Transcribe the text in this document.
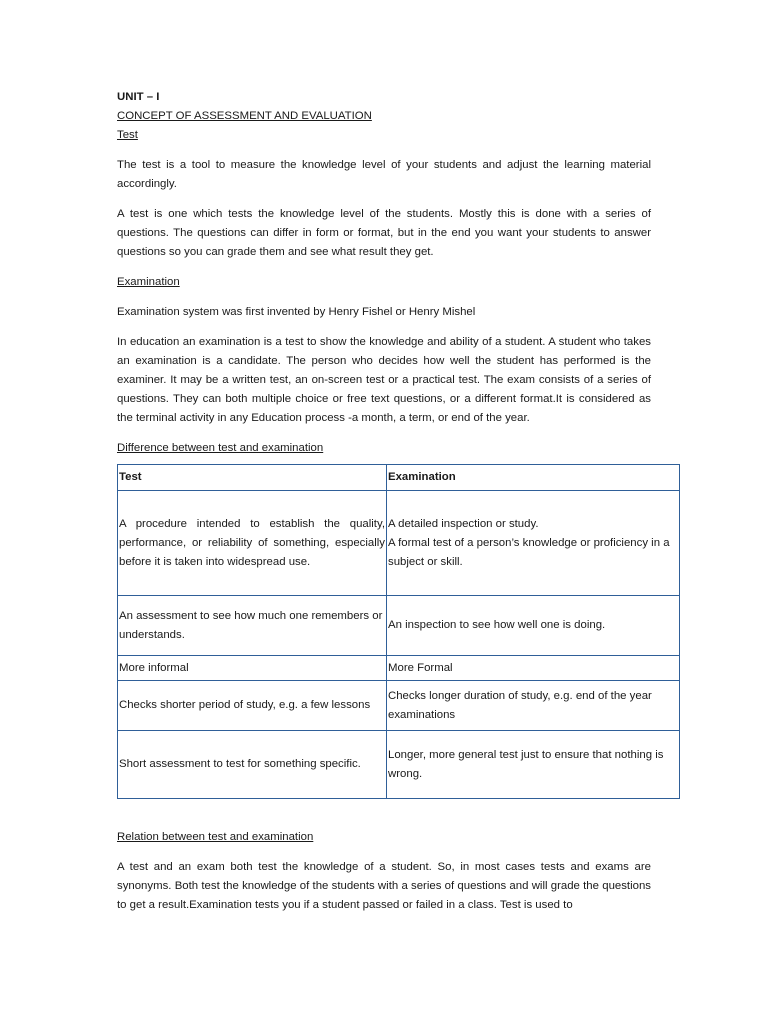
UNIT – I

CONCEPT OF ASSESSMENT AND EVALUATION

Test

The test is a tool to measure the knowledge level of your students and adjust the learning material accordingly.

A test is one which tests the knowledge level of the students. Mostly this is done with a series of questions. The questions can differ in form or format, but in the end you want your students to answer questions so you can grade them and see what result they get.

Examination

Examination system was first invented by Henry Fishel or Henry Mishel

In education an examination is a test to show the knowledge and ability of a student. A student who takes an examination is a candidate. The person who decides how well the student has performed is the examiner. It may be a written test, an on-screen test or a practical test. The exam consists of a series of questions. They can both multiple choice or free text questions, or a different format.It is considered as the terminal activity in any Education process -a month, a term, or end of the year.

Difference between test and examination

Test	Examination
A procedure intended to establish the quality, performance, or reliability of something, especially before it is taken into widespread use.	A detailed inspection or study.
A formal test of a person’s knowledge or proficiency in a subject or skill.

An assessment to see how much one remembers or understands.	An inspection to see how well one is doing.
More informal	More Formal
Checks shorter period of study, e.g. a few lessons	Checks longer duration of study, e.g. end of the year examinations
Short assessment to test for something specific.	Longer, more general test just to ensure that nothing is wrong.

Relation between test and examination

A test and an exam both test the knowledge of a student. So, in most cases tests and exams are synonyms. Both test the knowledge of the students with a series of questions and will grade the questions to get a result.Examination tests you if a student passed or failed in a class. Test is used to
